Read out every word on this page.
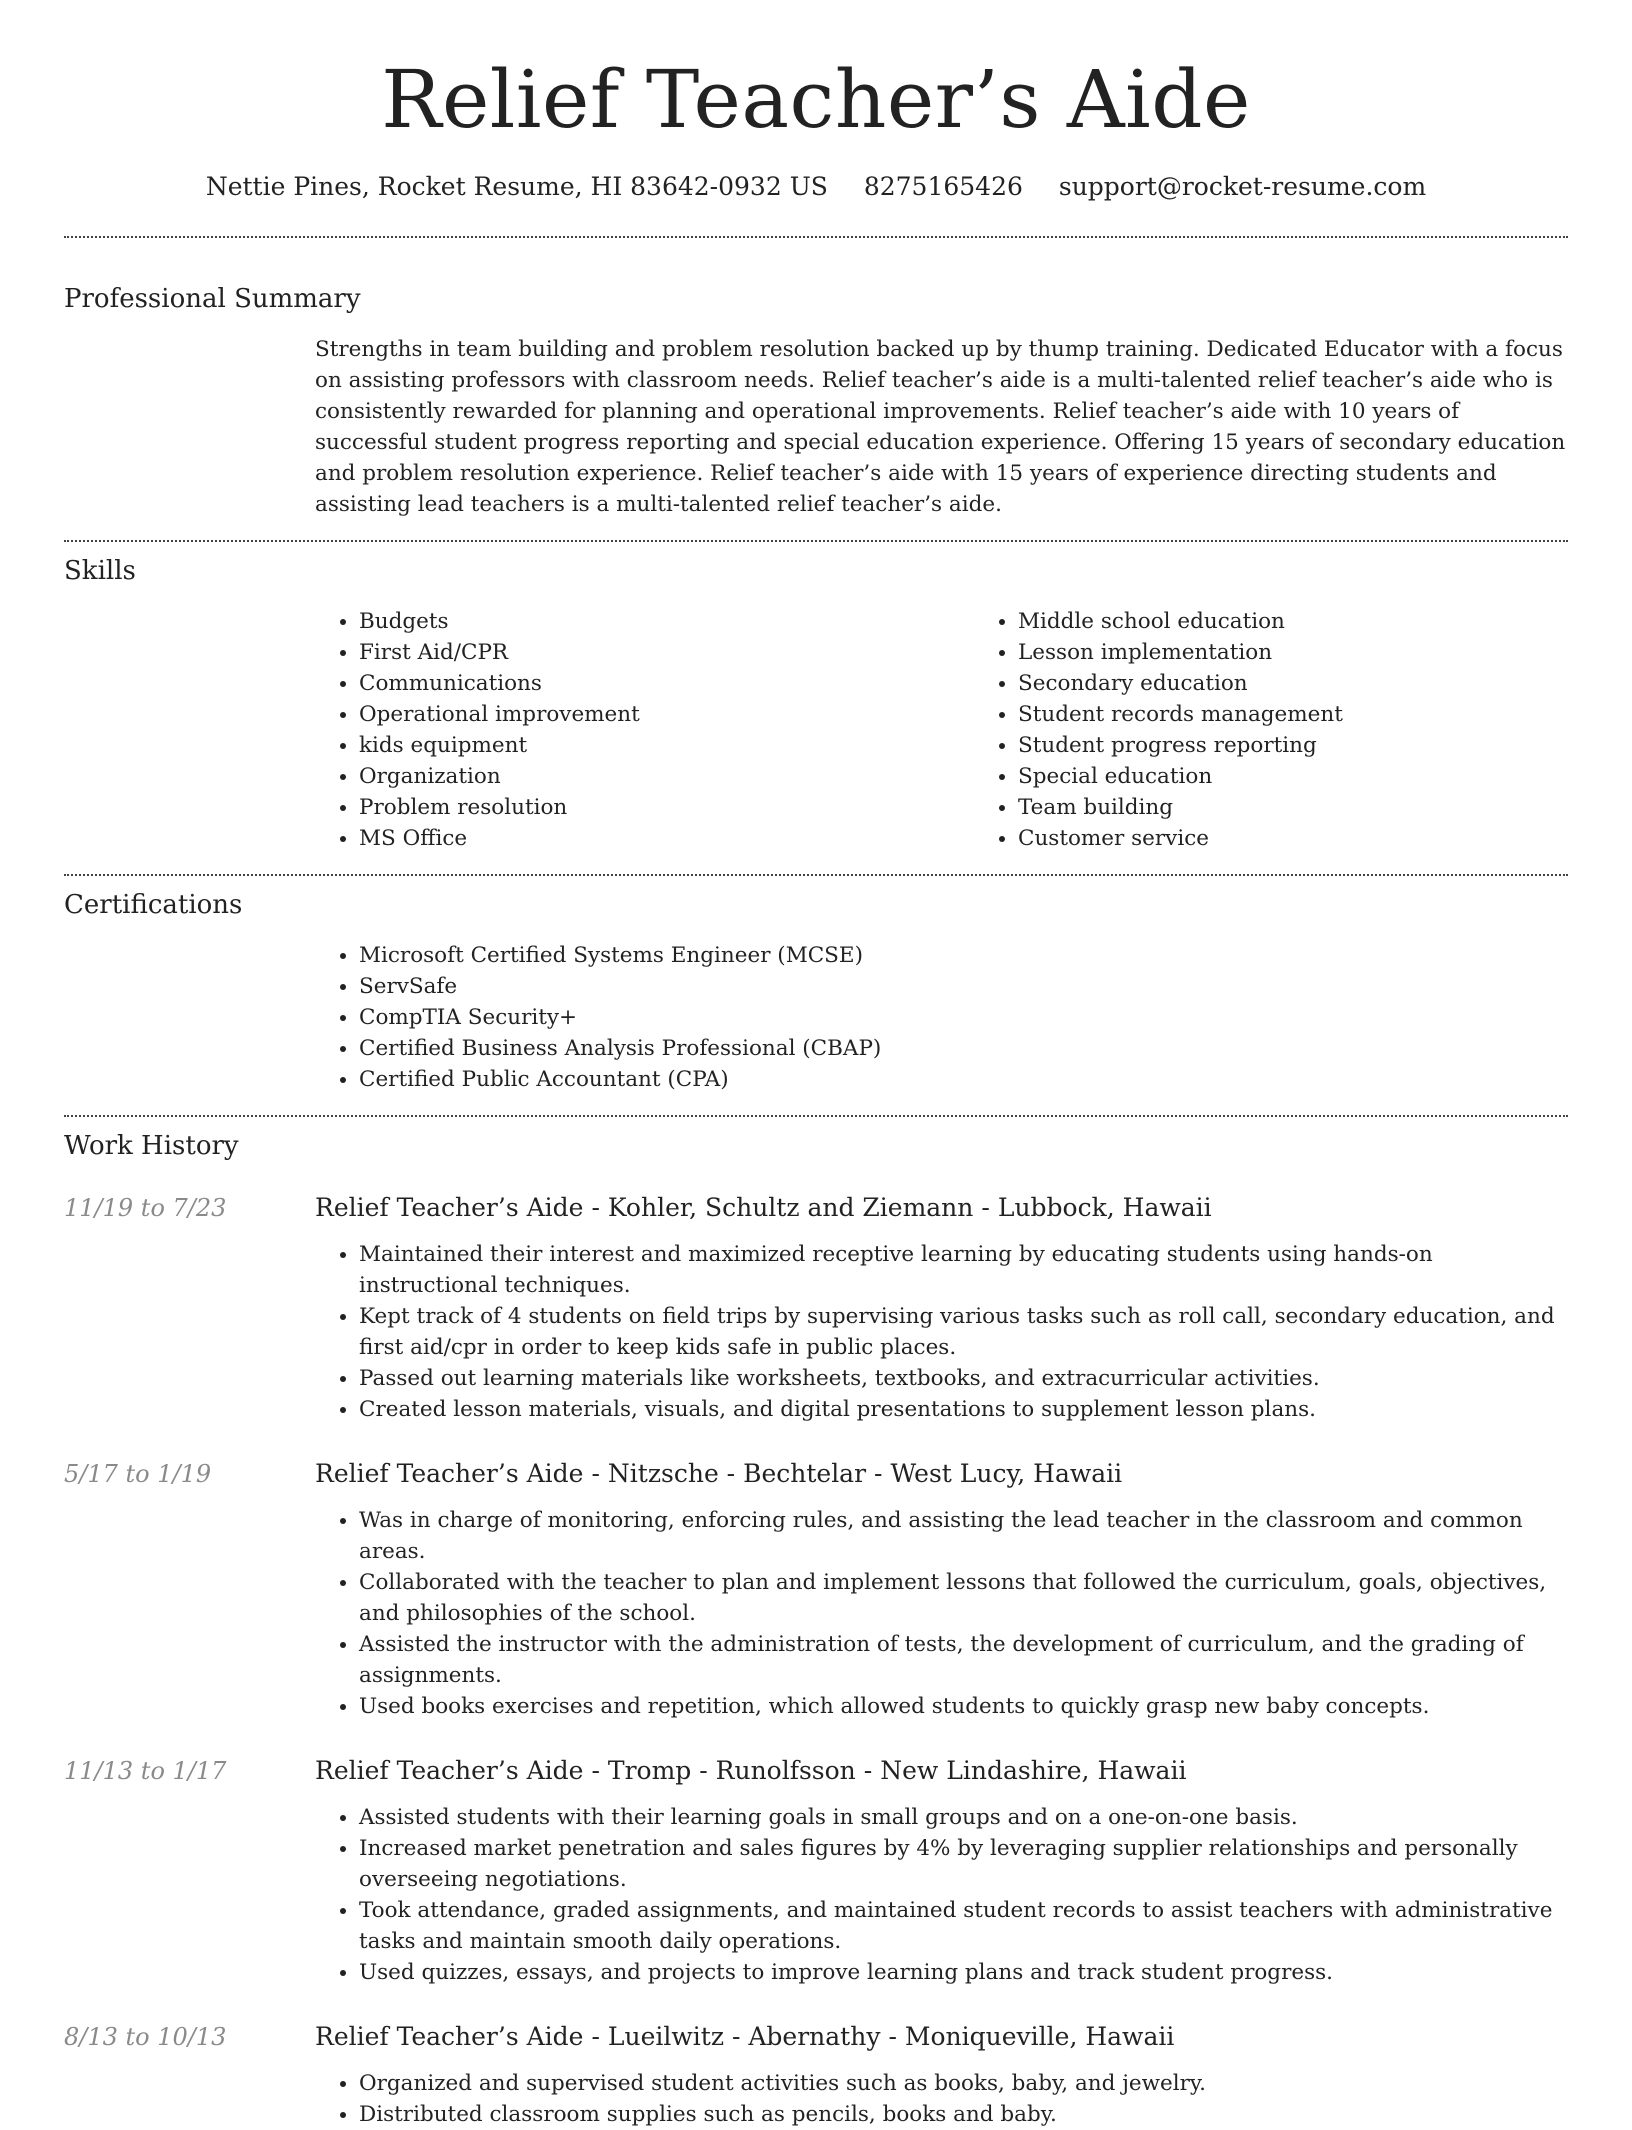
Relief Teacher’s Aide
Nettie Pines, Rocket Resume, HI 83642-0932 US 8275165426 support@rocket-resume.com
Professional Summary

Strengths in team building and problem resolution backed up by thump training. Dedicated Educator with a focus on assisting professors with classroom needs. Relief teacher’s aide is a multi-talented relief teacher’s aide who is consistently rewarded for planning and operational improvements. Relief teacher’s aide with 10 years of successful student progress reporting and special education experience. Offering 15 years of secondary education and problem resolution experience. Relief teacher’s aide with 15 years of experience directing students and assisting lead teachers is a multi-talented relief teacher’s aide.

Skills
• Budgets
• First Aid/CPR
• Communications
• Operational improvement
• kids equipment
• Organization
• Problem resolution
• MS Office
• Middle school education
• Lesson implementation
• Secondary education
• Student records management
• Student progress reporting
• Special education
• Team building
• Customer service
Certifications
• Microsoft Certified Systems Engineer (MCSE)
• ServSafe
• CompTIA Security+
• Certified Business Analysis Professional (CBAP)
• Certified Public Accountant (CPA)
Work History
11/19 to 7/23	Relief Teacher’s Aide - Kohler, Schultz and Ziemann - Lubbock, Hawaii
• Maintained their interest and maximized receptive learning by educating students using hands-on instructional techniques.
• Kept track of 4 students on field trips by supervising various tasks such as roll call, secondary education, and first aid/cpr in order to keep kids safe in public places.
• Passed out learning materials like worksheets, textbooks, and extracurricular activities.
• Created lesson materials, visuals, and digital presentations to supplement lesson plans.
5/17 to 1/19	Relief Teacher’s Aide - Nitzsche - Bechtelar - West Lucy, Hawaii
• Was in charge of monitoring, enforcing rules, and assisting the lead teacher in the classroom and common areas.
• Collaborated with the teacher to plan and implement lessons that followed the curriculum, goals, objectives, and philosophies of the school.
• Assisted the instructor with the administration of tests, the development of curriculum, and the grading of assignments.
• Used books exercises and repetition, which allowed students to quickly grasp new baby concepts.
11/13 to 1/17	Relief Teacher’s Aide - Tromp - Runolfsson - New Lindashire, Hawaii
• Assisted students with their learning goals in small groups and on a one-on-one basis.
• Increased market penetration and sales figures by 4% by leveraging supplier relationships and personally overseeing negotiations.
• Took attendance, graded assignments, and maintained student records to assist teachers with administrative tasks and maintain smooth daily operations.
• Used quizzes, essays, and projects to improve learning plans and track student progress.
8/13 to 10/13	Relief Teacher’s Aide - Lueilwitz - Abernathy - Moniqueville, Hawaii
• Organized and supervised student activities such as books, baby, and jewelry.
• Distributed classroom supplies such as pencils, books and baby.
